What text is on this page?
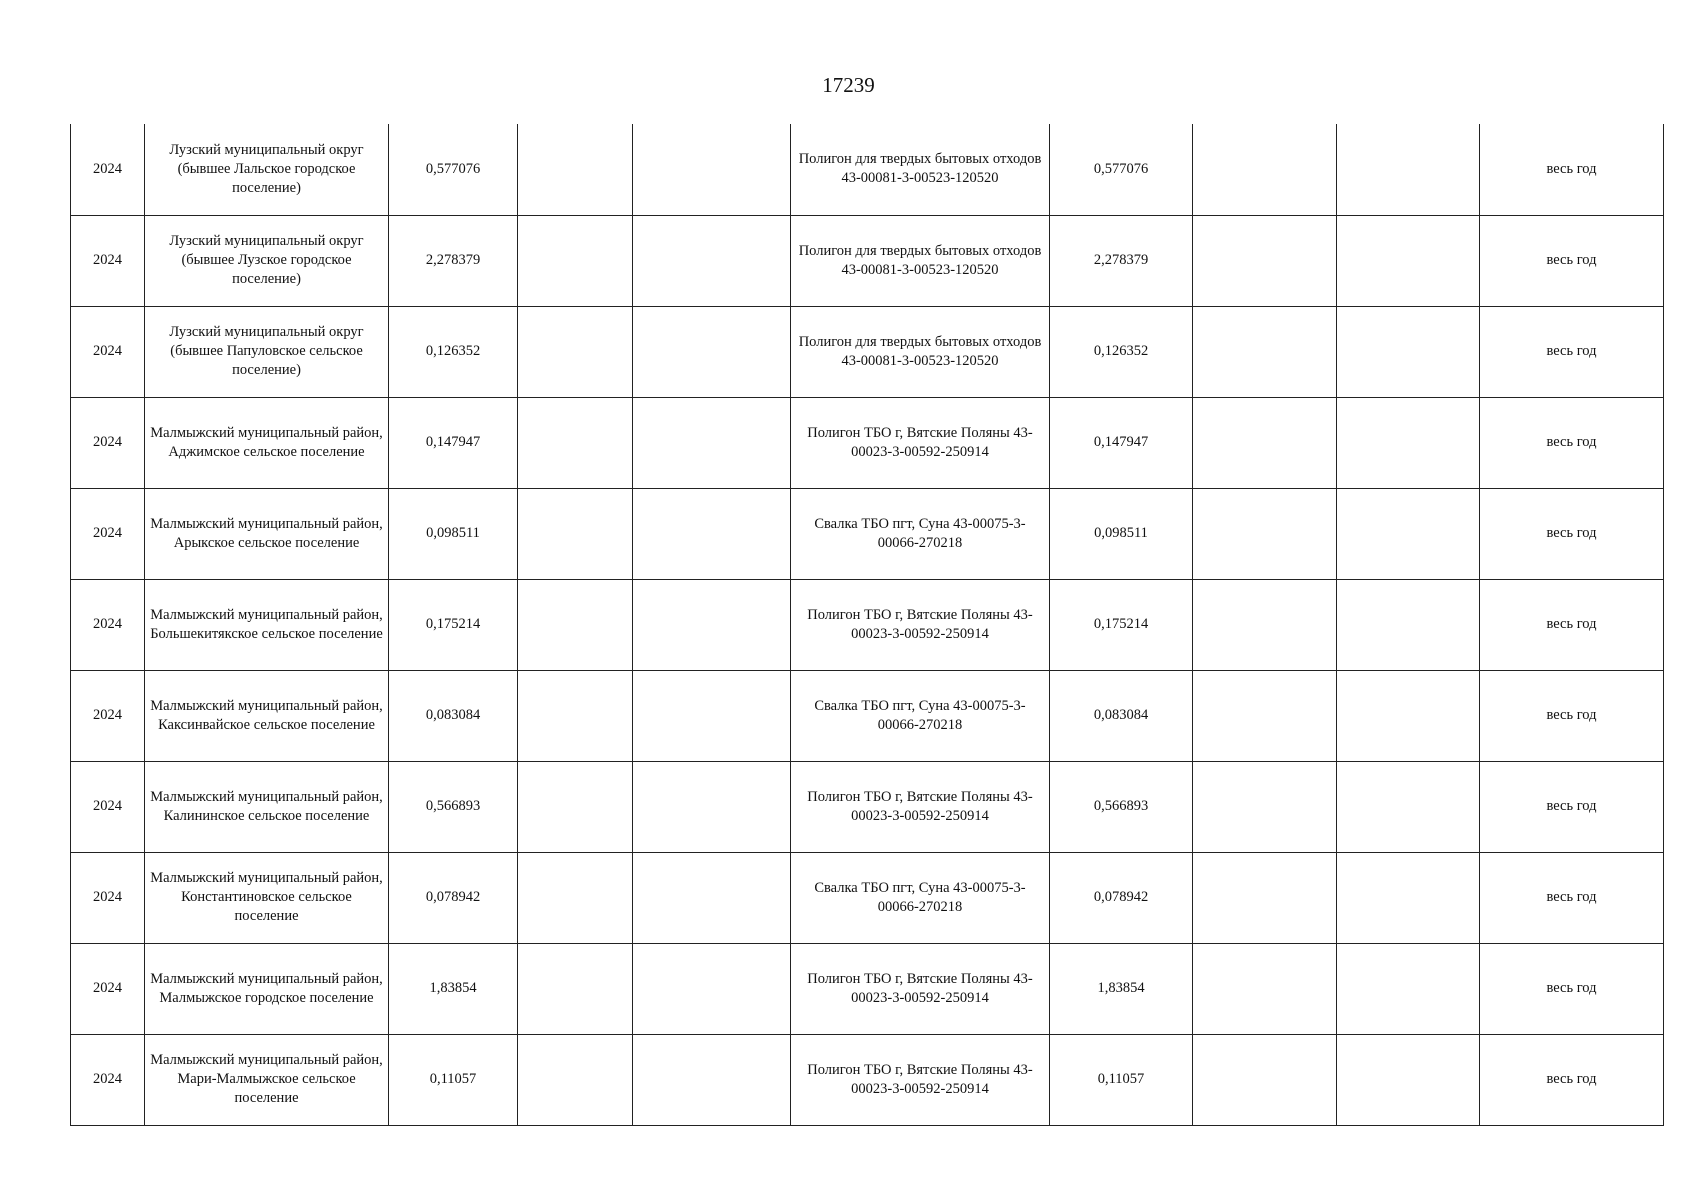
17239
2024	Лузский муниципальный округ (бывшее Лальское городское поселение)	0,577076			Полигон для твердых бытовых отходов 43-00081-3-00523-120520	0,577076			весь год
2024	Лузский муниципальный округ (бывшее Лузское городское поселение)	2,278379			Полигон для твердых бытовых отходов 43-00081-3-00523-120520	2,278379			весь год
2024	Лузский муниципальный округ (бывшее Папуловское сельское поселение)	0,126352			Полигон для твердых бытовых отходов 43-00081-3-00523-120520	0,126352			весь год
2024	Малмыжский муниципальный район, Аджимское сельское поселение	0,147947			Полигон ТБО г, Вятские Поляны 43-00023-3-00592-250914	0,147947			весь год
2024	Малмыжский муниципальный район, Арыкское сельское поселение	0,098511			Свалка ТБО пгт, Суна 43-00075-3-00066-270218	0,098511			весь год
2024	Малмыжский муниципальный район, Большекитякское сельское поселение	0,175214			Полигон ТБО г, Вятские Поляны 43-00023-3-00592-250914	0,175214			весь год
2024	Малмыжский муниципальный район, Каксинвайское сельское поселение	0,083084			Свалка ТБО пгт, Суна 43-00075-3-00066-270218	0,083084			весь год
2024	Малмыжский муниципальный район, Калининское сельское поселение	0,566893			Полигон ТБО г, Вятские Поляны 43-00023-3-00592-250914	0,566893			весь год
2024	Малмыжский муниципальный район, Константиновское сельское поселение	0,078942			Свалка ТБО пгт, Суна 43-00075-3-00066-270218	0,078942			весь год
2024	Малмыжский муниципальный район, Малмыжское городское поселение	1,83854			Полигон ТБО г, Вятские Поляны 43-00023-3-00592-250914	1,83854			весь год
2024	Малмыжский муниципальный район, Мари-Малмыжское сельское поселение	0,11057			Полигон ТБО г, Вятские Поляны 43-00023-3-00592-250914	0,11057			весь год
